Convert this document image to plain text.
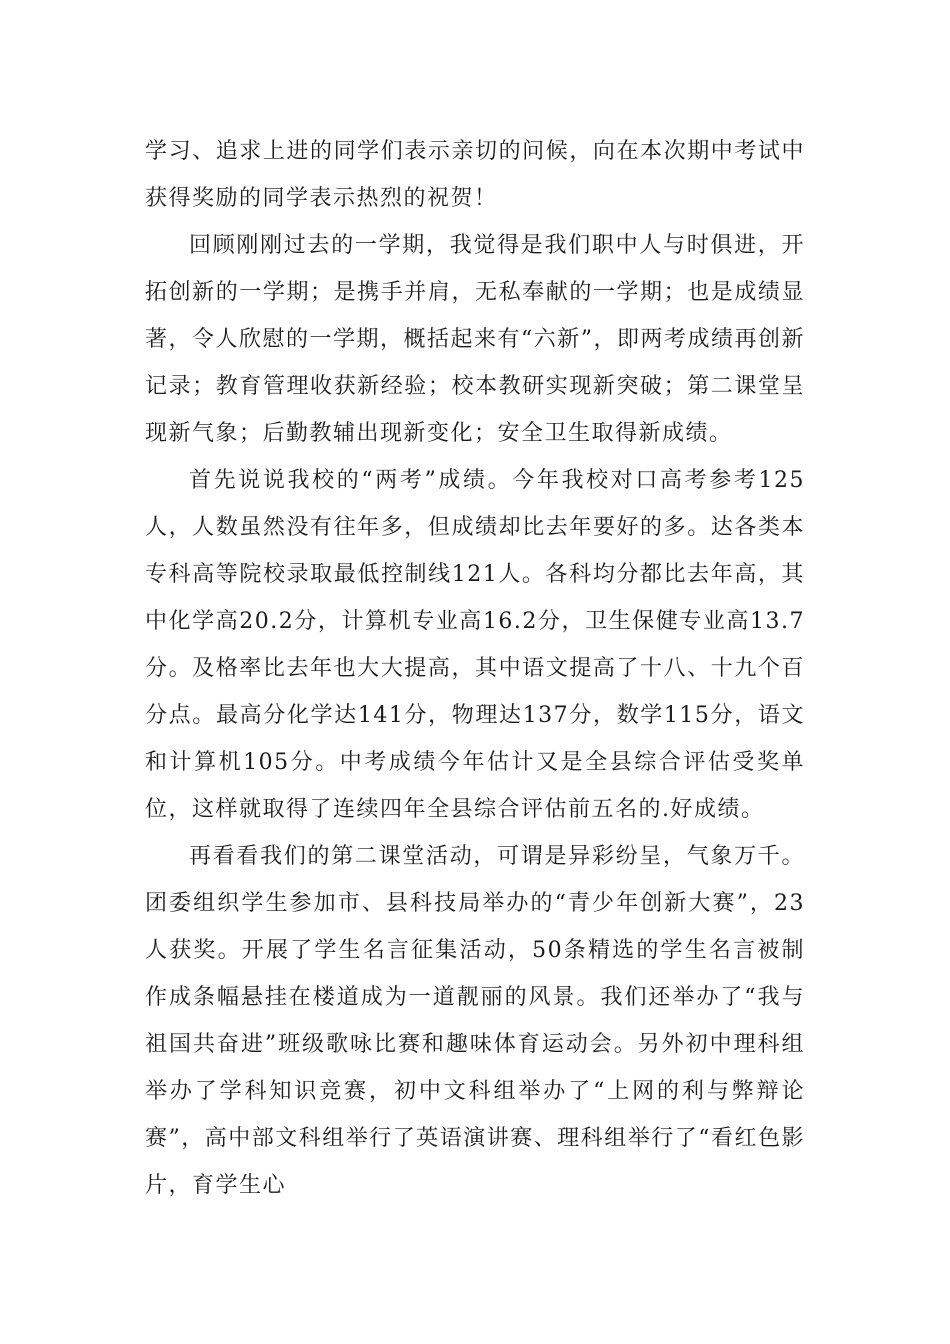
学习、追求上进的同学们表示亲切的问候，向在本次期中考试中获得奖励的同学表示热烈的祝贺！

回顾刚刚过去的一学期，我觉得是我们职中人与时俱进，开拓创新的一学期；是携手并肩，无私奉献的一学期；也是成绩显著，令人欣慰的一学期，概括起来有“六新”，即两考成绩再创新记录；教育管理收获新经验；校本教研实现新突破；第二课堂呈现新气象；后勤教辅出现新变化；安全卫生取得新成绩。

首先说说我校的“两考”成绩。今年我校对口高考参考125人，人数虽然没有往年多，但成绩却比去年要好的多。达各类本专科高等院校录取最低控制线121人。各科均分都比去年高，其中化学高20.2分，计算机专业高16.2分，卫生保健专业高13.7分。及格率比去年也大大提高，其中语文提高了十八、十九个百分点。最高分化学达141分，物理达137分，数学115分，语文和计算机105分。中考成绩今年估计又是全县综合评估受奖单位，这样就取得了连续四年全县综合评估前五名的.好成绩。

再看看我们的第二课堂活动，可谓是异彩纷呈，气象万千。团委组织学生参加市、县科技局举办的“青少年创新大赛”，23人获奖。开展了学生名言征集活动，50条精选的学生名言被制作成条幅悬挂在楼道成为一道靓丽的风景。我们还举办了“我与祖国共奋进”班级歌咏比赛和趣味体育运动会。另外初中理科组举办了学科知识竞赛，初中文科组举办了“上网的利与弊辩论赛”，高中部文科组举行了英语演讲赛、理科组举行了“看红色影片，育学生心
